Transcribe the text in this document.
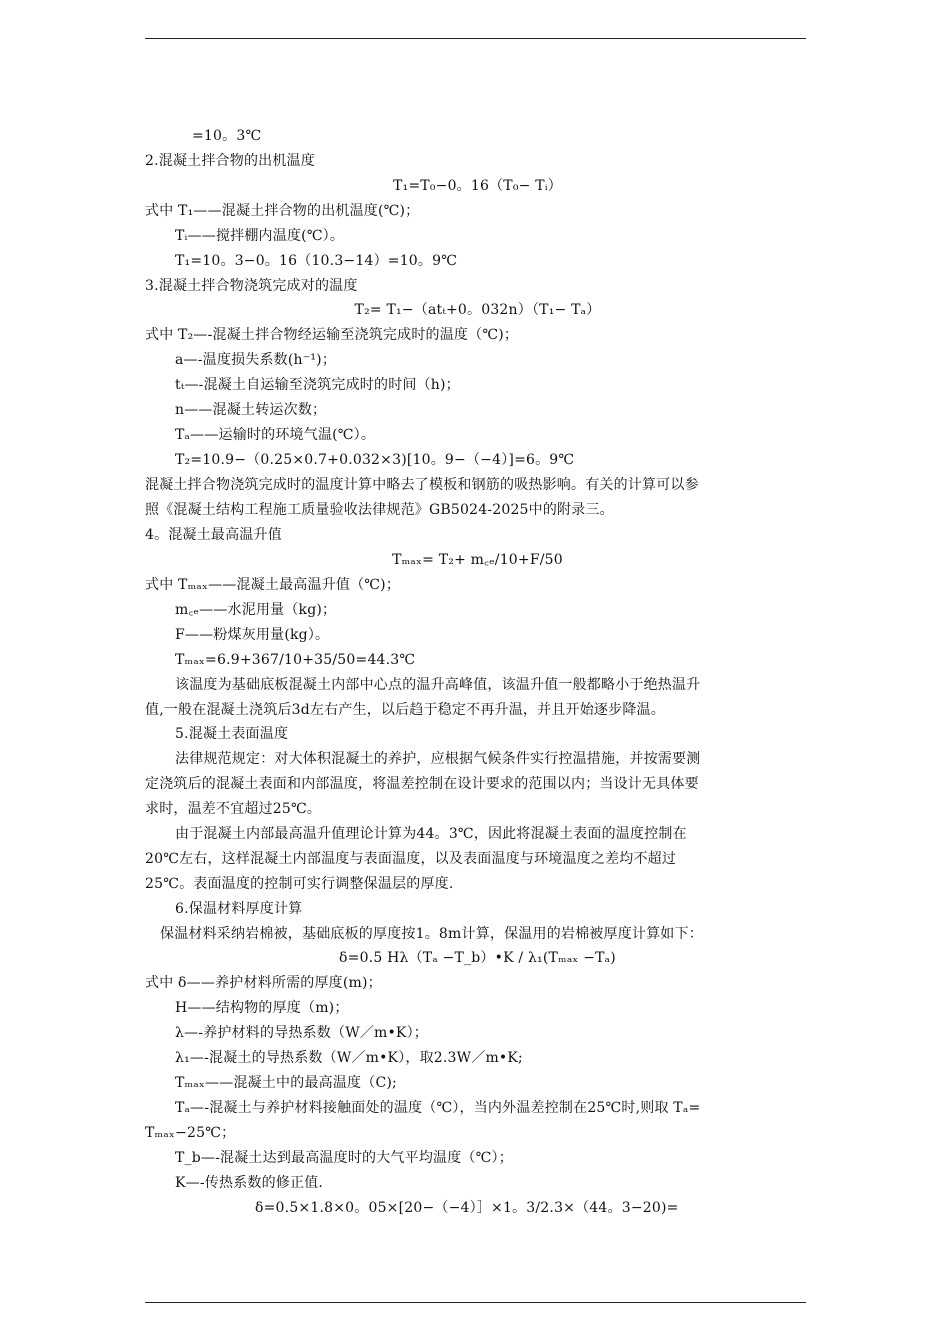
=10。3℃
2.混凝土拌合物的出机温度
T₁=T₀−0。16（T₀− Tᵢ）
式中 T₁——混凝土拌合物的出机温度(℃)；
Tᵢ——搅拌棚内温度(℃）。
T₁=10。3−0。16（10.3−14）=10。9℃
3.混凝土拌合物浇筑完成对的温度
T₂= T₁−（atₜ+0。032n）（T₁− Tₐ）
式中 T₂—-混凝土拌合物经运输至浇筑完成时的温度（℃)；
a—-温度损失系数(h⁻¹)；
tₜ—-混凝土自运输至浇筑完成时的时间（h)；
n——混凝土转运次数；
Tₐ——运输时的环境气温(℃）。
T₂=10.9−（0.25×0.7+0.032×3)[10。9−（−4）]=6。9℃
混凝土拌合物浇筑完成时的温度计算中略去了模板和钢筋的吸热影响。有关的计算可以参
照《混凝土结构工程施工质量验收法律规范》GB5024-2025中的附录三。
4。混凝土最高温升值
Tₘₐₓ= T₂+ m꜀ₑ/10+F/50
式中 Tₘₐₓ——混凝土最高温升值（℃)；
m꜀ₑ——水泥用量（kg)；
F——粉煤灰用量(kg）。
Tₘₐₓ=6.9+367/10+35/50=44.3℃
该温度为基础底板混凝土内部中心点的温升高峰值，该温升值一般都略小于绝热温升
值,一般在混凝土浇筑后3d左右产生，以后趋于稳定不再升温，并且开始逐步降温。
5.混凝土表面温度
法律规范规定：对大体积混凝土的养护，应根据气候条件实行控温措施，并按需要测
定浇筑后的混凝土表面和内部温度，将温差控制在设计要求的范围以内；当设计无具体要
求时，温差不宜超过25℃。
由于混凝土内部最高温升值理论计算为44。3℃，因此将混凝土表面的温度控制在
20℃左右，这样混凝土内部温度与表面温度，以及表面温度与环境温度之差均不超过
25℃。表面温度的控制可实行调整保温层的厚度.
6.保温材料厚度计算
保温材料采纳岩棉被，基础底板的厚度按1。8m计算，保温用的岩棉被厚度计算如下：
δ=0.5 Hλ（Tₐ −T_b）•K / λ₁(Tₘₐₓ −Tₐ)
式中 δ——养护材料所需的厚度(m)；
H——结构物的厚度（m)；
λ—-养护材料的导热系数（W／m•K）；
λ₁—-混凝土的导热系数（W／m•K），取2.3W／m•K;
Tₘₐₓ——混凝土中的最高温度（C);
Tₐ—-混凝土与养护材料接触面处的温度（℃），当内外温差控制在25℃时,则取 Tₐ=
Tₘₐₓ−25℃；
T_b—-混凝土达到最高温度时的大气平均温度（℃）；
K—-传热系数的修正值.
δ=0.5×1.8×0。05×[20−（−4）］×1。3/2.3×（44。3−20)=
